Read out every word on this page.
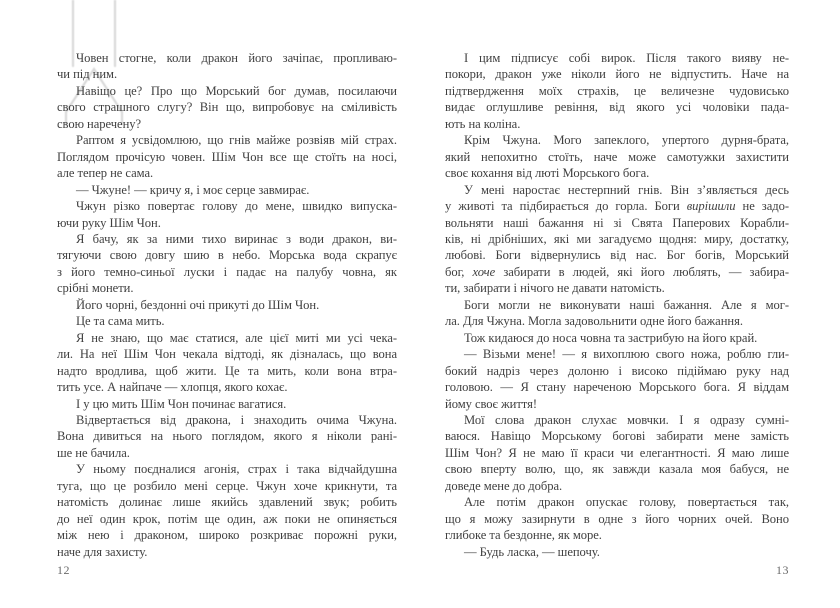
Човен стогне, коли дракон його зачіпає, пропливаю-
чи під ним.
Навіщо це? Про що Морський бог думав, посилаючи
свого страшного слугу? Він що, випробовує на сміливість
свою наречену?
Раптом я усвідомлюю, що гнів майже розвіяв мій страх.
Поглядом прочісую човен. Шім Чон все ще стоїть на носі,
але тепер не сама.
— Чжуне! — кричу я, і моє серце завмирає.
Чжун різко повертає голову до мене, швидко випуска-
ючи руку Шім Чон.
Я бачу, як за ними тихо виринає з води дракон, ви-
тягуючи свою довгу шию в небо. Морська вода скрапує
з його темно-синьої луски і падає на палубу човна, як
срібні монети.
Його чорні, бездонні очі прикуті до Шім Чон.
Це та сама мить.
Я не знаю, що має статися, але цієї миті ми усі чека-
ли. На неї Шім Чон чекала відтоді, як дізналась, що вона
надто вродлива, щоб жити. Це та мить, коли вона втра-
тить усе. А найпаче — хлопця, якого кохає.
І у цю мить Шім Чон починає вагатися.
Відвертається від дракона, і знаходить очима Чжуна.
Вона дивиться на нього поглядом, якого я ніколи рані-
ше не бачила.
У ньому поєдналися агонія, страх і така відчайдушна
туга, що це розбило мені серце. Чжун хоче крикнути, та
натомість долинає лише якийсь здавлений звук; робить
до неї один крок, потім ще один, аж поки не опиняється
між нею і драконом, широко розкриває порожні руки,
наче для захисту.
12
І цим підписує собі вирок. Після такого вияву не-
покори, дракон уже ніколи його не відпустить. Наче на
підтвердження моїх страхів, це величезне чудовисько
видає оглушливе ревіння, від якого усі чоловіки пада-
ють на коліна.
Крім Чжуна. Мого запеклого, упертого дурня-брата,
який непохитно стоїть, наче може самотужки захистити
своє кохання від люті Морського бога.
У мені наростає нестерпний гнів. Він з’являється десь
у животі та підбирається до горла. Боги вирішили не задо-
вольняти наші бажання ні зі Свята Паперових Корабли-
ків, ні дрібніших, які ми загадуємо щодня: миру, достатку,
любові. Боги відвернулись від нас. Бог богів, Морський
бог, хоче забирати в людей, які його люблять, — забира-
ти, забирати і нічого не давати натомість.
Боги могли не виконувати наші бажання. Але я мог-
ла. Для Чжуна. Могла задовольнити одне його бажання.
Тож кидаюся до носа човна та застрибую на його край.
— Візьми мене! — я вихоплюю свого ножа, роблю гли-
бокий надріз через долоню і високо підіймаю руку над
головою. — Я стану нареченою Морського бога. Я віддам
йому своє життя!
Мої слова дракон слухає мовчки. І я одразу сумні-
ваюся. Навіщо Морському богові забирати мене замість
Шім Чон? Я не маю її краси чи елегантності. Я маю лише
свою вперту волю, що, як завжди казала моя бабуся, не
доведе мене до добра.
Але потім дракон опускає голову, повертається так,
що я можу зазирнути в одне з його чорних очей. Воно
глибоке та бездонне, як море.
— Будь ласка, — шепочу.
13
